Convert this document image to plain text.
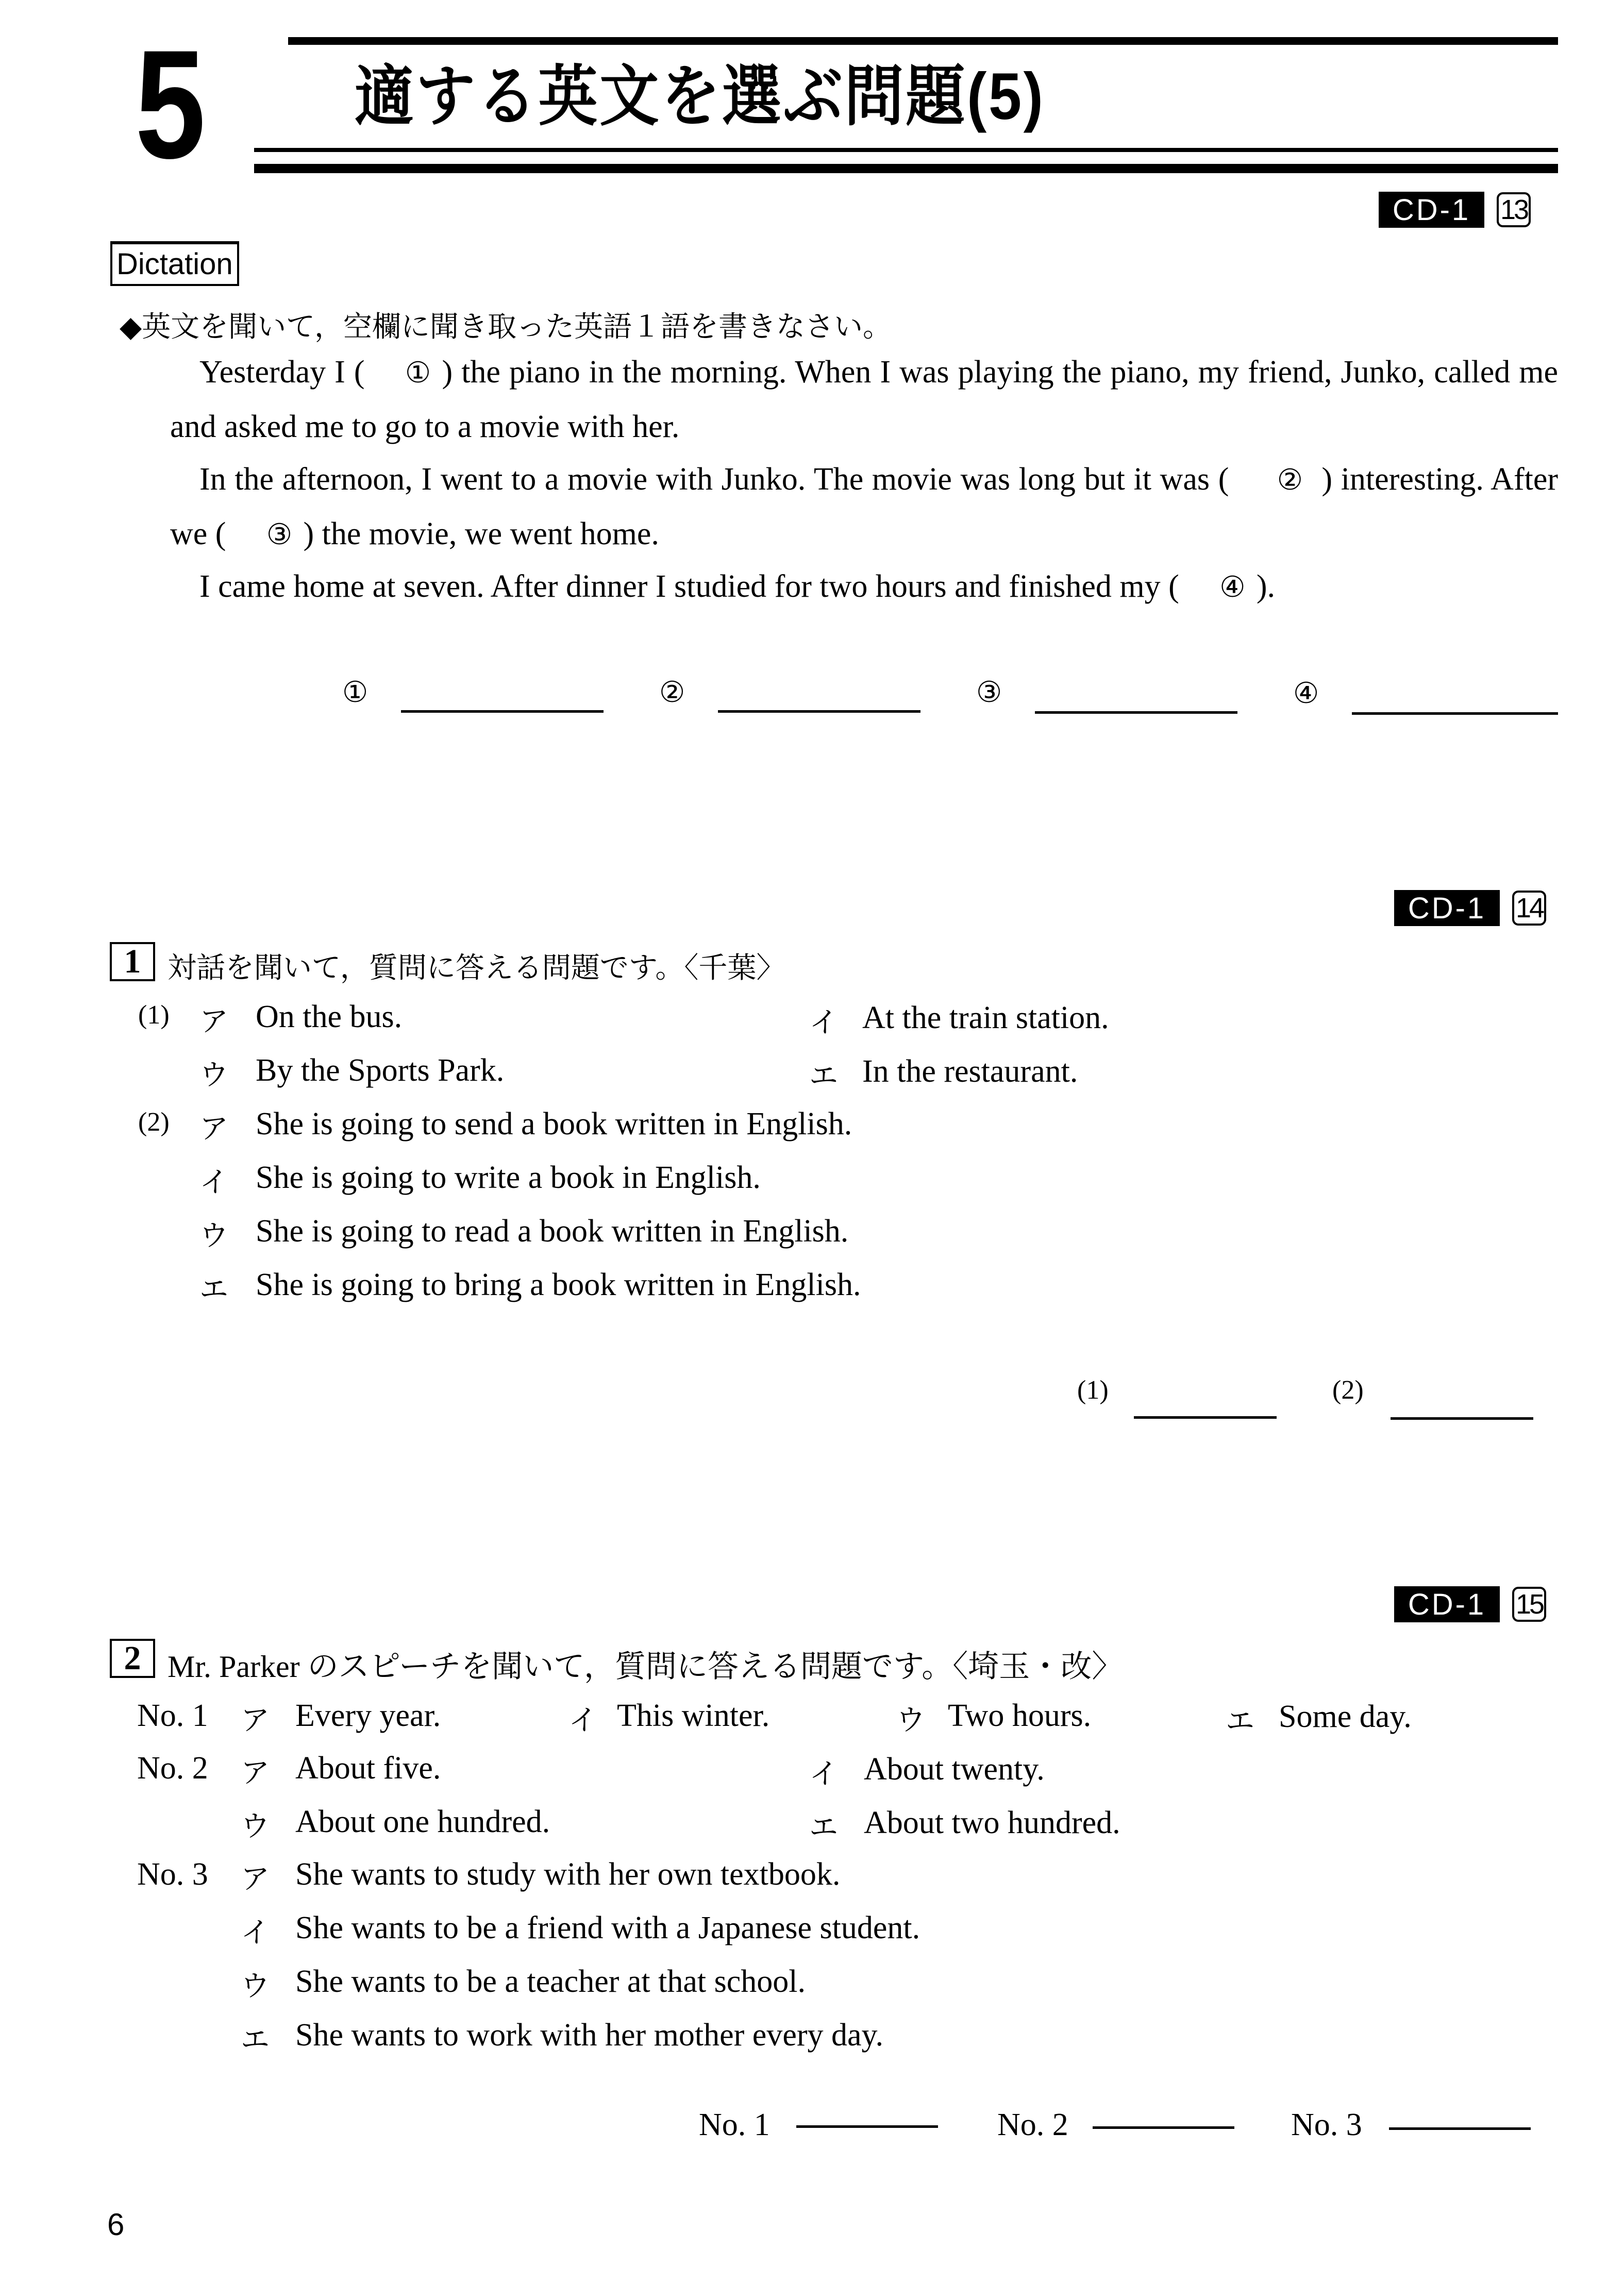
5 適する英文を選ぶ問題(5)
CD-1	13
Dictation
◆英文を聞いて，空欄に聞き取った英語１語を書きなさい。
Yesterday I ( ① ) the piano in the morning. When I was playing the piano, my friend, Junko, called me and asked me to go to a movie with her.
In the afternoon, I went to a movie with Junko. The movie was long but it was ( ② ) interesting. After we ( ③ ) the movie, we went home.
I came home at seven. After dinner I studied for two hours and finished my ( ④ ).
①	②	③	④
CD-1	14
1 対話を聞いて，質問に答える問題です。〈千葉〉
(1) ア On the bus.	イ At the train station.
ウ By the Sports Park.	エ In the restaurant.
(2) ア She is going to send a book written in English.
イ She is going to write a book in English.
ウ She is going to read a book written in English.
エ She is going to bring a book written in English.
(1)	(2)
CD-1	15
2 Mr. Parker のスピーチを聞いて，質問に答える問題です。〈埼玉・改〉
No. 1 ア Every year.	イ This winter.	ウ Two hours.	エ Some day.
No. 2 ア About five.	イ About twenty.
ウ About one hundred.	エ About two hundred.
No. 3 ア She wants to study with her own textbook.
イ She wants to be a friend with a Japanese student.
ウ She wants to be a teacher at that school.
エ She wants to work with her mother every day.
No. 1	No. 2	No. 3
6
